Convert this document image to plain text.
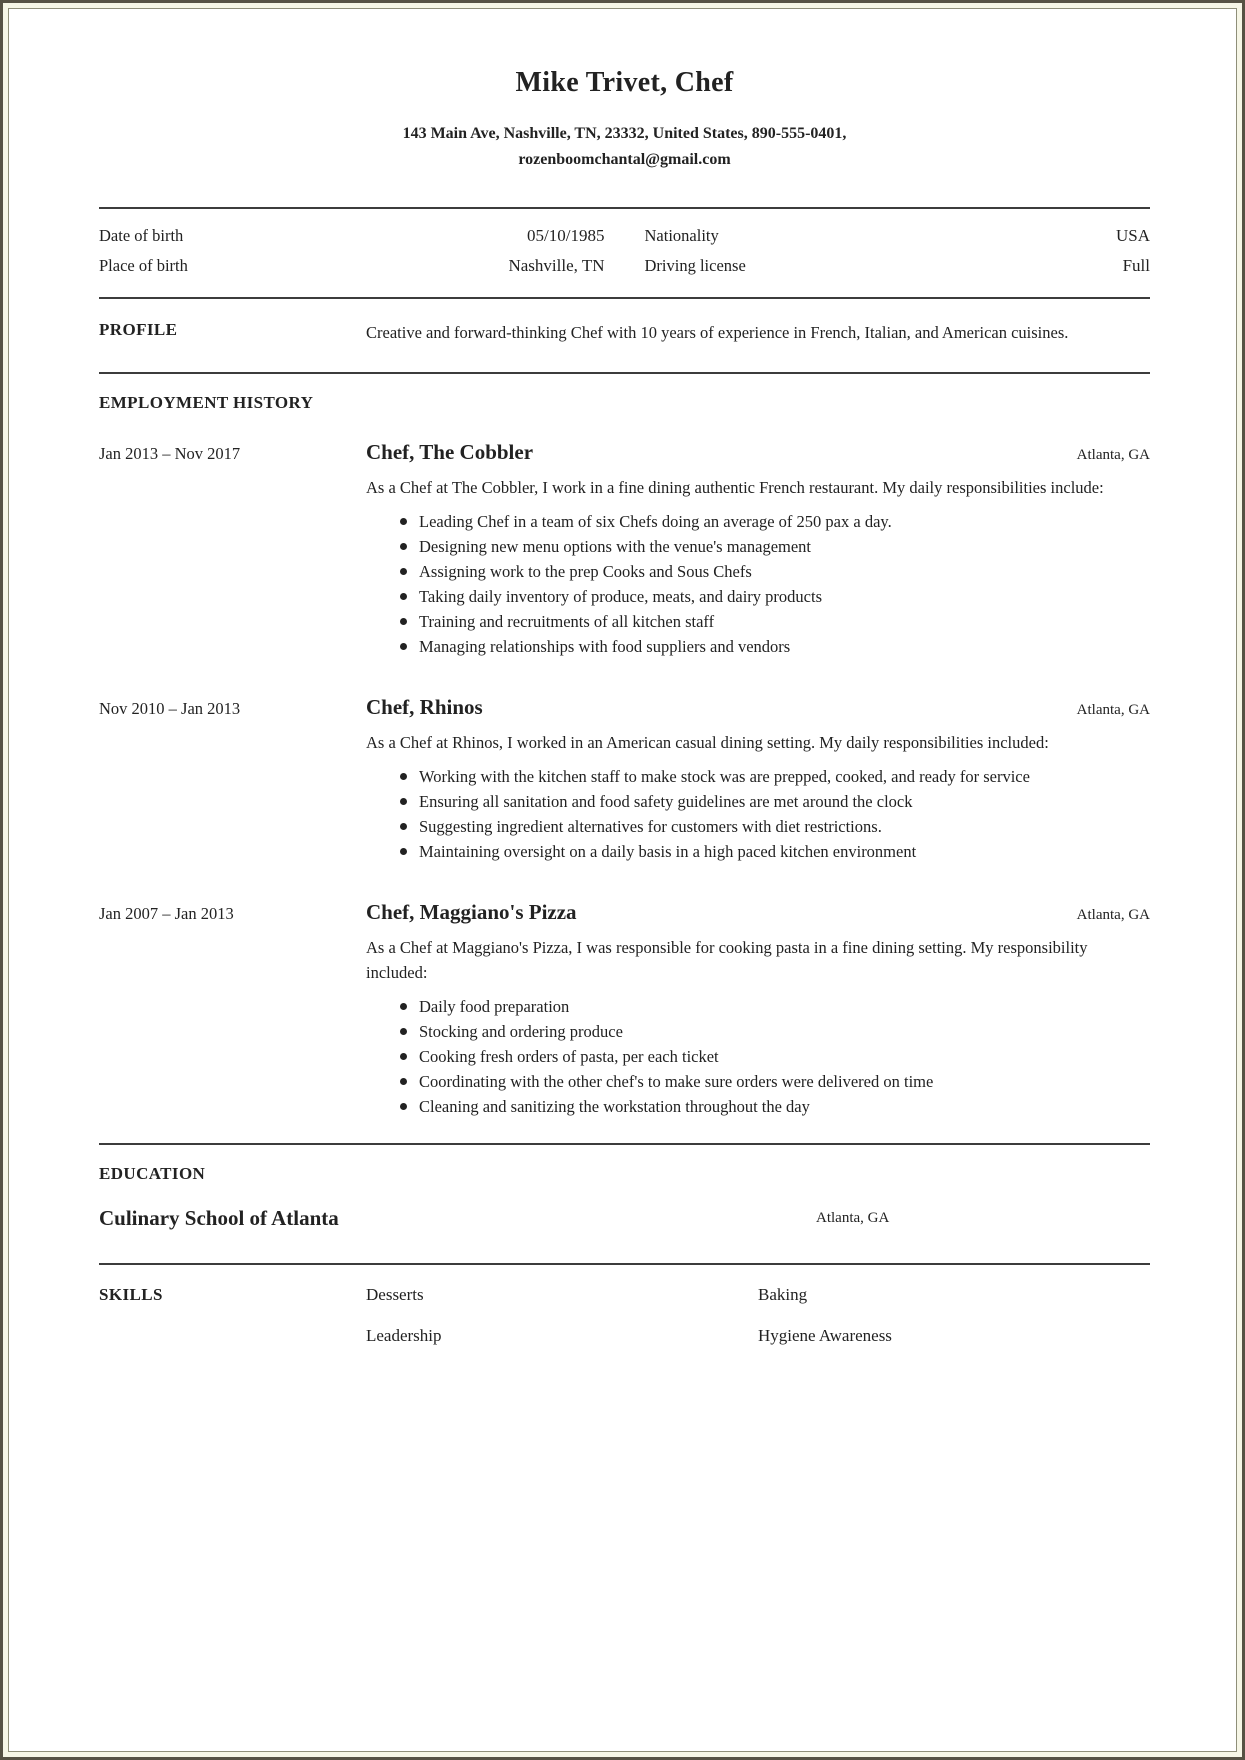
Mike Trivet, Chef
143 Main Ave, Nashville, TN, 23332, United States, 890-555-0401,
rozenboomchantal@gmail.com
Date of birth	05/10/1985 Nationality	USA
Place of birth	Nashville, TN Driving license	Full
PROFILE	Creative and forward-thinking Chef with 10 years of experience in French, Italian, and American cuisines.

EMPLOYMENT HISTORY
Jan 2013 – Nov 2017	Chef, The Cobbler	Atlanta, GA

As a Chef at The Cobbler, I work in a fine dining authentic French restaurant. My daily responsibilities include:

Leading Chef in a team of six Chefs doing an average of 250 pax a day.
Designing new menu options with the venue's management
Assigning work to the prep Cooks and Sous Chefs
Taking daily inventory of produce, meats, and dairy products
Training and recruitments of all kitchen staff
Managing relationships with food suppliers and vendors
Nov 2010 – Jan 2013	Chef, Rhinos	Atlanta, GA

As a Chef at Rhinos, I worked in an American casual dining setting. My daily responsibilities included:

Working with the kitchen staff to make stock was are prepped, cooked, and ready for service
Ensuring all sanitation and food safety guidelines are met around the clock
Suggesting ingredient alternatives for customers with diet restrictions.
Maintaining oversight on a daily basis in a high paced kitchen environment
Jan 2007 – Jan 2013	Chef, Maggiano's Pizza	Atlanta, GA

As a Chef at Maggiano's Pizza, I was responsible for cooking pasta in a fine dining setting. My responsibility included:

Daily food preparation
Stocking and ordering produce
Cooking fresh orders of pasta, per each ticket
Coordinating with the other chef's to make sure orders were delivered on time
Cleaning and sanitizing the workstation throughout the day
EDUCATION
Culinary School of Atlanta	Atlanta, GA
SKILLS	Desserts	Baking
Leadership	Hygiene Awareness
